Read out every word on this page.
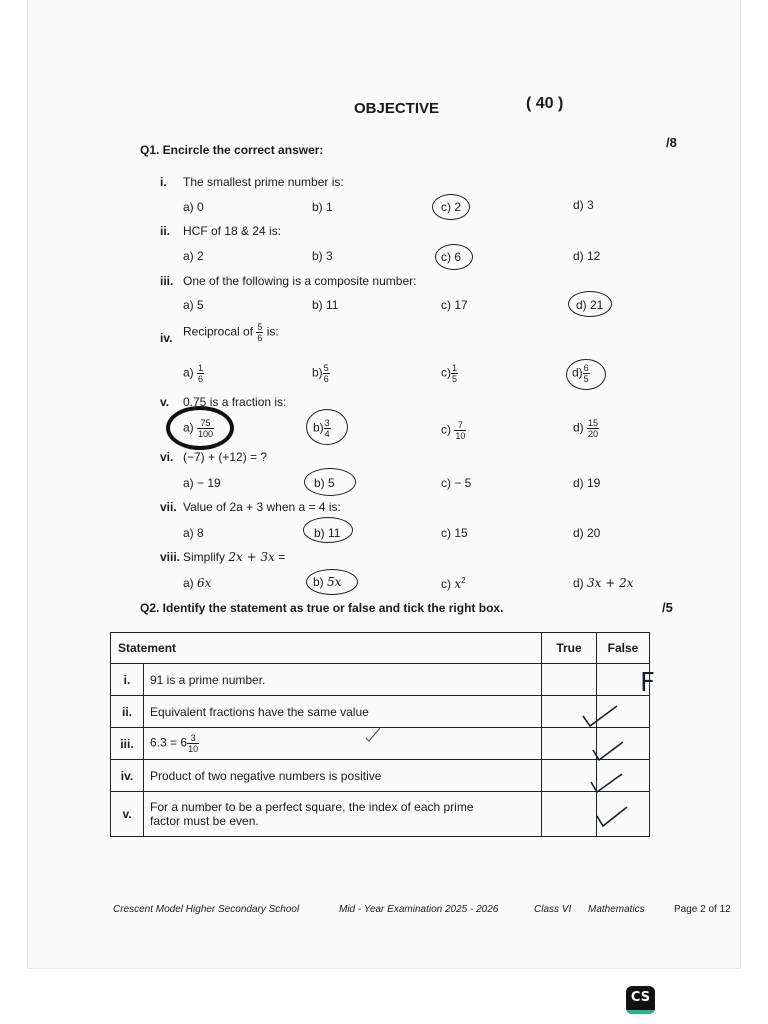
OBJECTIVE	( 40 )
Q1. Encircle the correct answer:	/8
i. The smallest prime number is:
a) 0	b) 1	c) 2	d) 3
ii. HCF of 18 & 24 is:
a) 2	b) 3	c) 6	d) 12
iii. One of the following is a composite number:
a) 5	b) 11	c) 17	d) 21
iv. Reciprocal of $\frac{5}{6}$ is:
$a) \frac{1}{6}$	$b) \frac{5}{6}$	$c) \frac{1}{5}$	$d) \frac{6}{5}$
v. 0.75 is a fraction is:
$a) \frac{75}{100}$	$b) \frac{3}{4}$	$c) \frac{7}{10}$	$d) \frac{15}{20}$
vi. (−7) + (+12) = ?
a) − 19	b) 5	c) − 5	d) 19
vii. Value of 2a + 3 when a = 4 is:
a) 8	b) 11	c) 15	d) 20
viii. Simplify 2x + 3x =
a) 6x	b) 5x	c) $x^2$	d) 3x + 2x
Q2. Identify the statement as true or false and tick the right box.	/5
Statement		True	False
i.	91 is a prime number.		
ii.	Equivalent fractions have the same value		
iii.	$6.3 = 6 \frac{3}{10}$

iv.	Product of two negative numbers is positive		
v.	For a number to be a perfect square, the index of each prime
factor must be even.		

F
Crescent Model Higher Secondary School	Mid - Year Examination 2025 - 2026	Class VI Mathematics	Page 2 of 12
CS
